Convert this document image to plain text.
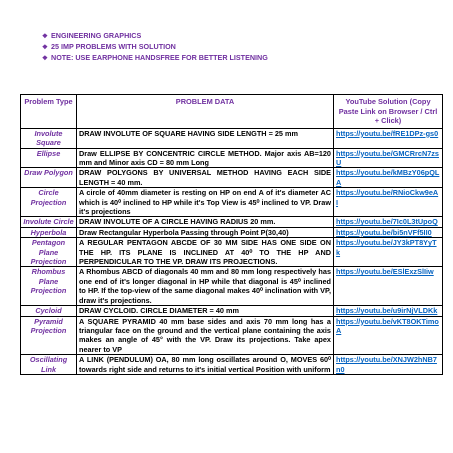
❖ ENGINEERING GRAPHICS
❖ 25 IMP PROBLEMS WITH SOLUTION
❖ NOTE: USE EARPHONE HANDSFREE FOR BETTER LISTENING
Problem Type	PROBLEM DATA	YouTube Solution (Copy Paste Link on Browser / Ctrl + Click)
Involute Square	DRAW INVOLUTE OF SQUARE HAVING SIDE LENGTH = 25 mm	https://youtu.be/fRE1DPz-gs0
Ellipse	Draw ELLIPSE BY CONCENTRIC CIRCLE METHOD. Major axis AB=120 mm and Minor axis CD = 80 mm Long	https://youtu.be/GMCRrcN7zsU
Draw Polygon	DRAW POLYGONS BY UNIVERSAL METHOD HAVING EACH SIDE LENGTH = 40 mm.	https://youtu.be/kMBzY06pQLA
Circle Projection	A circle of 40mm diameter is resting on HP on end A of it's diameter AC which is 40⁰ inclined to HP while it's Top View is 45⁰ inclined to VP. Draw it's projections	https://youtu.be/RNioCkw9eAI
Involute Circle	DRAW INVOLUTE OF A CIRCLE HAVING RADIUS 20 mm.	https://youtu.be/7Ic0L3tUpoQ
Hyperbola	Draw Rectangular Hyperbola Passing through Point P(30,40)	https://youtu.be/bi5nVFf5II0
Pentagon Plane Projection	A REGULAR PENTAGON ABCDE OF 30 MM SIDE HAS ONE SIDE ON THE HP. ITS PLANE IS INCLINED AT 40⁰ TO THE HP AND PERPENDICULAR TO THE VP. DRAW ITS PROJECTIONS.	https://youtu.be/JY3kPT8YyTk
Rhombus Plane Projection	A Rhombus ABCD of diagonals 40 mm and 80 mm long respectively has one end of it's longer diagonal in HP while that diagonal is 45⁰ inclined to HP. If the top-view of the same diagonal makes 40⁰ inclination with VP, draw it's projections.	https://youtu.be/ESlExzSlIiw
Cycloid	DRAW CYCLOID. CIRCLE DIAMETER = 40 mm	https://youtu.be/u9irNjVLDKk
Pyramid Projection	A SQUARE PYRAMID 40 mm base sides and axis 70 mm long has a triangular face on the ground and the vertical plane containing the axis makes an angle of 45° with the VP. Draw its projections. Take apex nearer to VP	https://youtu.be/vKT8OKTimoA
Oscillating Link	A LINK (PENDULUM) OA, 80 mm long oscillates around O, MOVES 60⁰ towards right side and returns to it's initial vertical Position with uniform	https://youtu.be/XNJW2hNB7n0
